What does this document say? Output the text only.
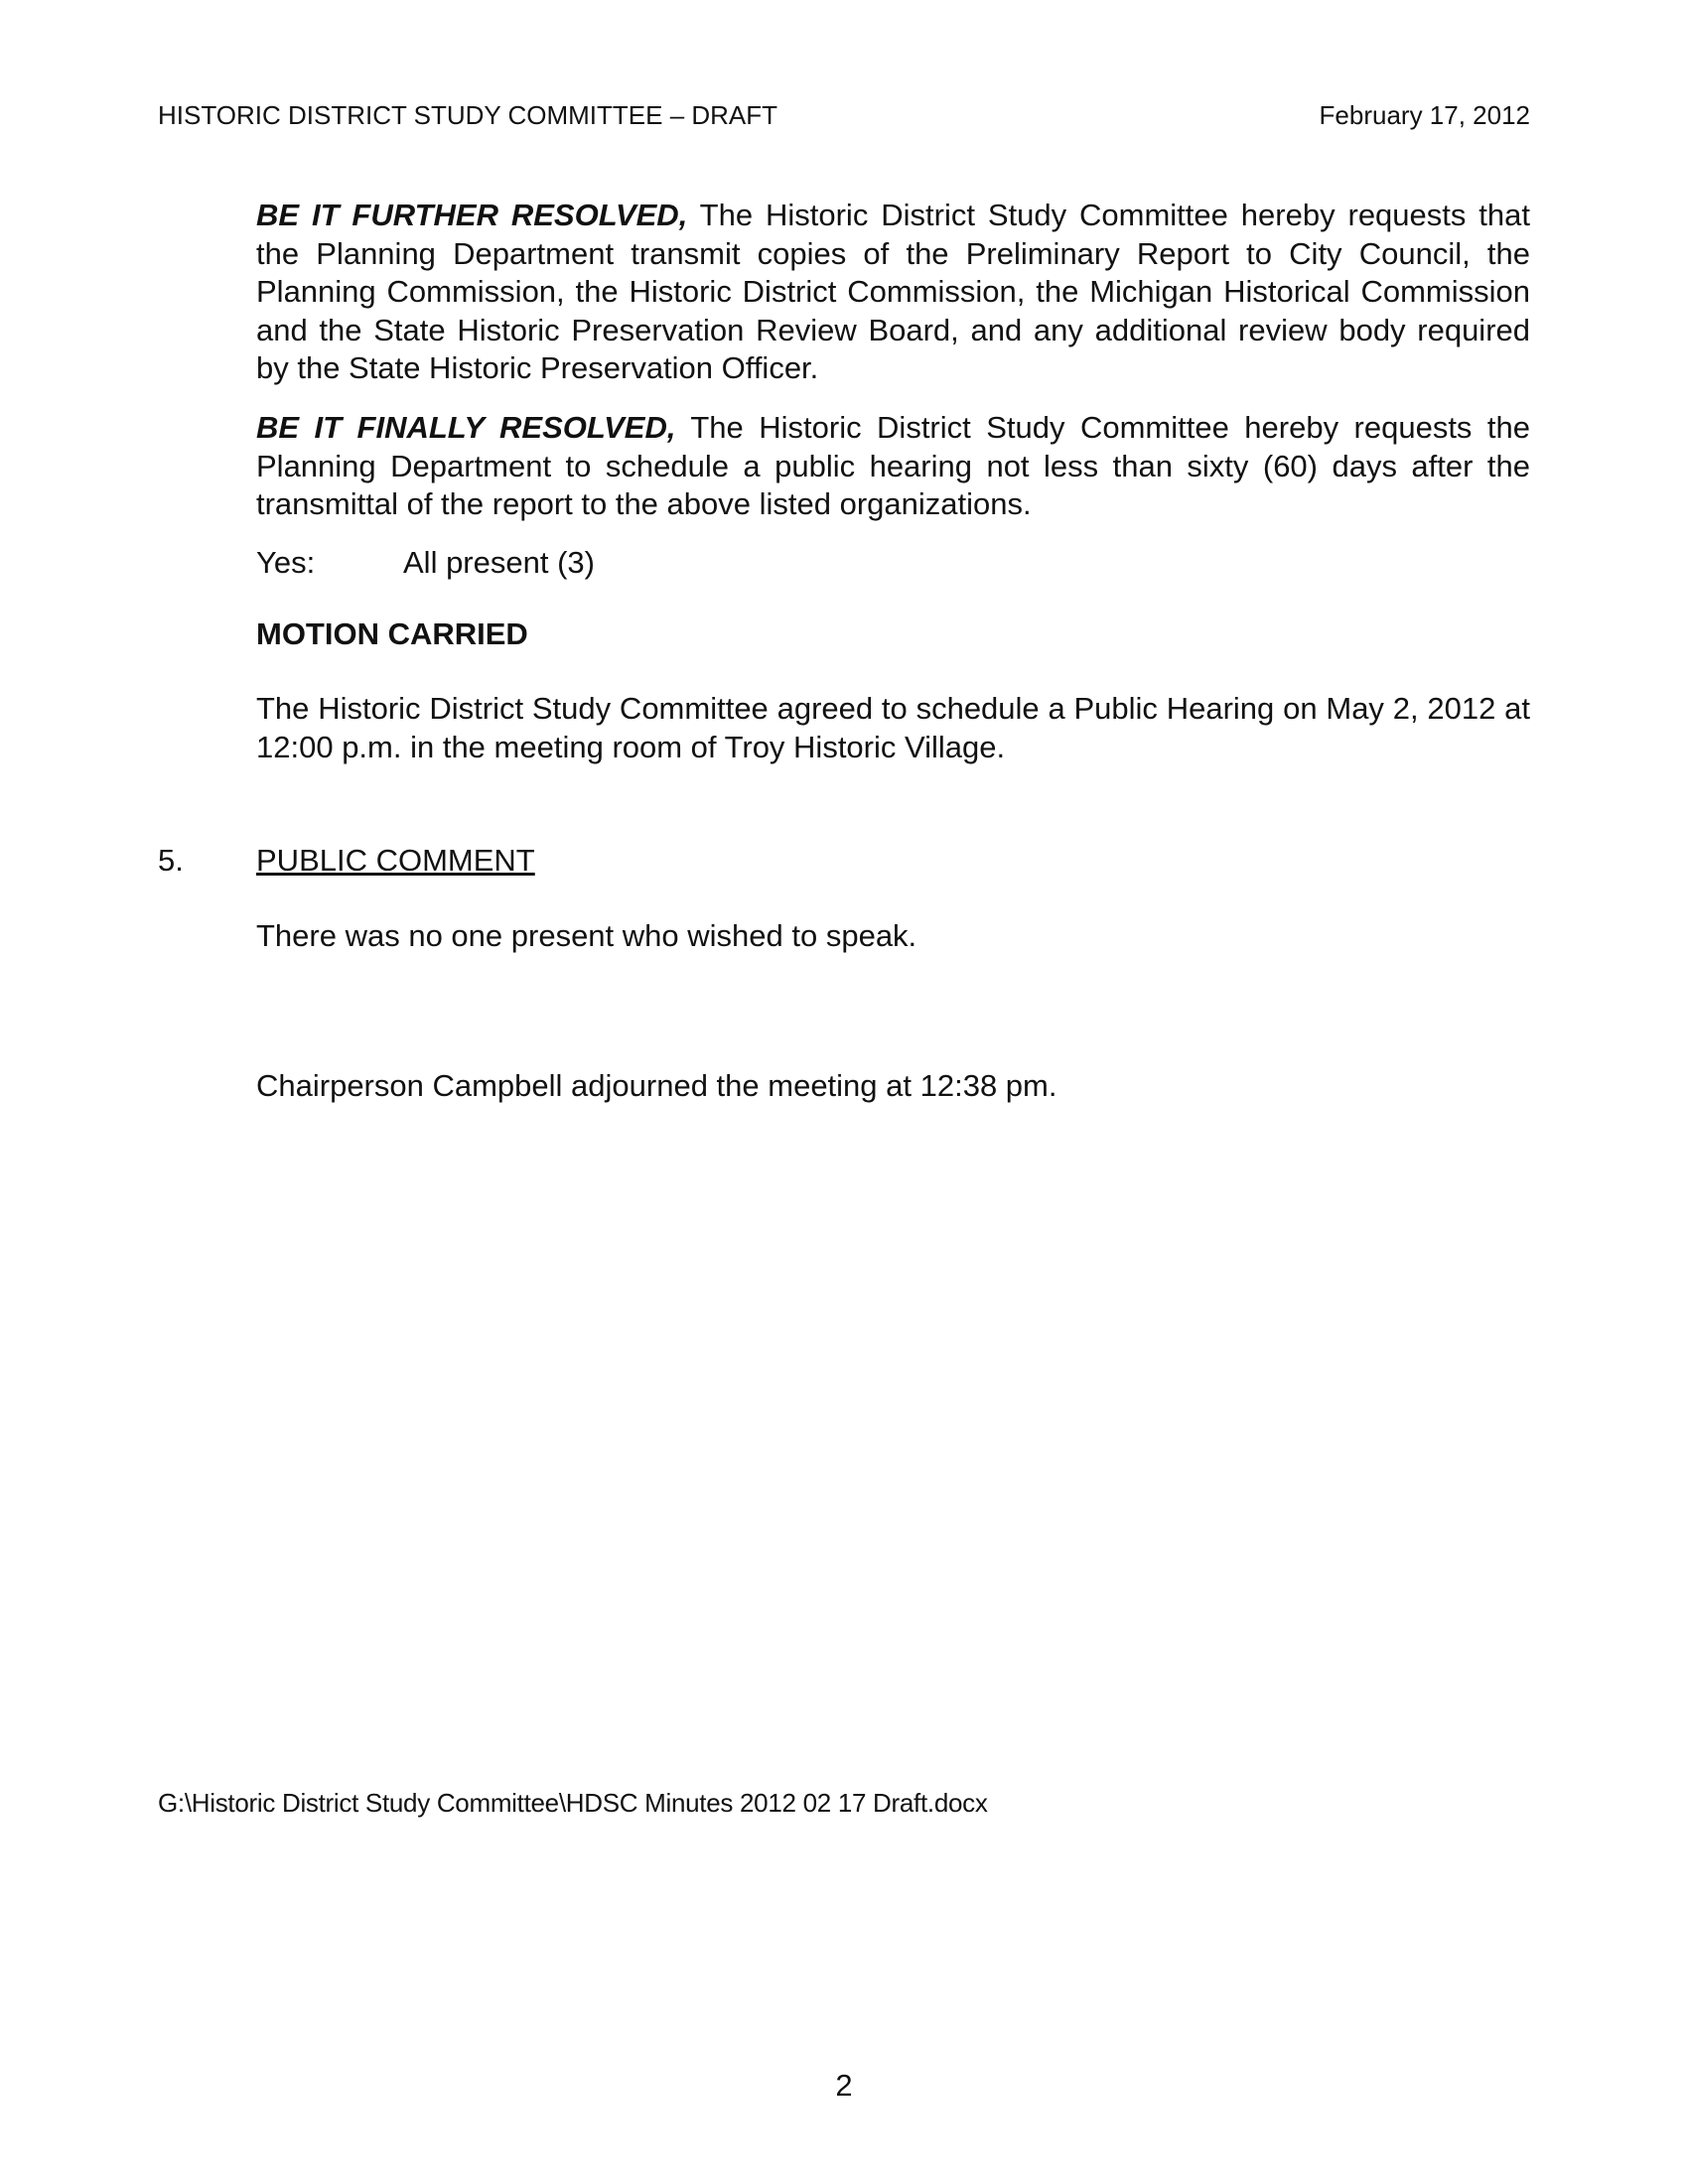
HISTORIC DISTRICT STUDY COMMITTEE – DRAFT	February 17, 2012

BE IT FURTHER RESOLVED, The Historic District Study Committee hereby requests that the Planning Department transmit copies of the Preliminary Report to City Council, the Planning Commission, the Historic District Commission, the Michigan Historical Commission and the State Historic Preservation Review Board, and any additional review body required by the State Historic Preservation Officer.

BE IT FINALLY RESOLVED, The Historic District Study Committee hereby requests the Planning Department to schedule a public hearing not less than sixty (60) days after the transmittal of the report to the above listed organizations.

Yes:	All present (3)
MOTION CARRIED

The Historic District Study Committee agreed to schedule a Public Hearing on May 2, 2012 at 12:00 p.m. in the meeting room of Troy Historic Village.

5. PUBLIC COMMENT
There was no one present who wished to speak.
Chairperson Campbell adjourned the meeting at 12:38 pm.
G:\Historic District Study Committee\HDSC Minutes 2012 02 17 Draft.docx
2
